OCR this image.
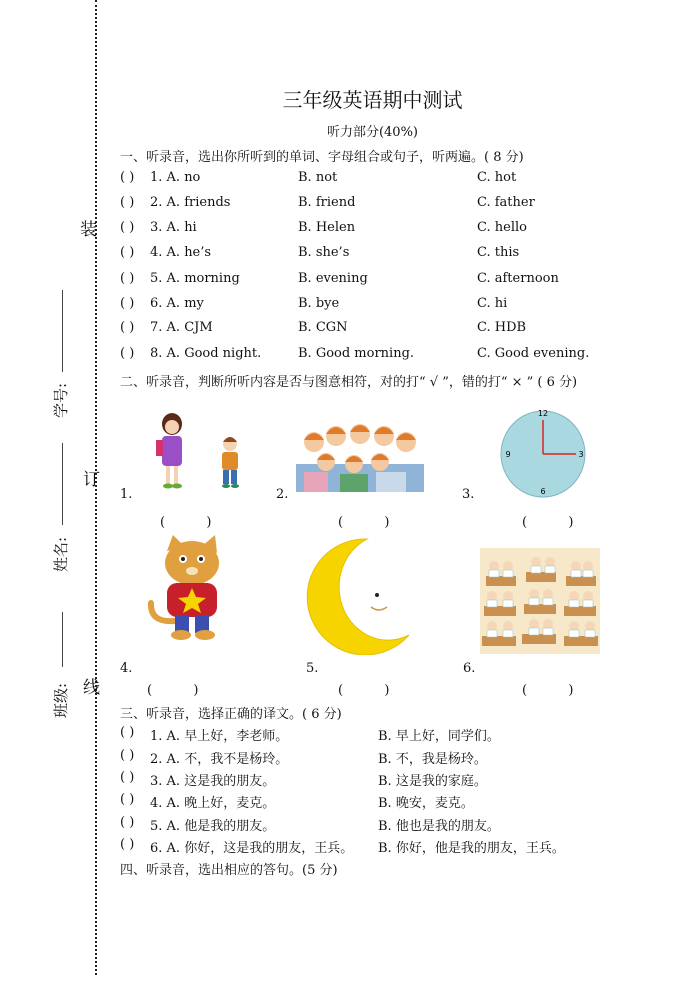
装
订
线
学号:
姓名:
班级:
三年级英语期中测试
听力部分(40%)
一、听录音，选出你所听到的单词、字母组合或句子，听两遍。( 8 分)
( ) 1. A. no	B. not	C. hot
( ) 2. A. friends	B. friend	C. father
( ) 3. A. hi	B. Helen	C. hello
( ) 4. A. he’s	B. she’s	C. this
( ) 5. A. morning	B. evening	C. afternoon
( ) 6. A. my	B. bye	C. hi
( ) 7. A. CJM	B. CGN	C. HDB
( ) 8. A. Good night.	B. Good morning.	C. Good evening.
二、听录音，判断所听内容是否与图意相符，对的打“ √ ”，错的打“ × ” ( 6 分)
12
3
6
9
1.	2.	3.
(          )	(          )	(          )
4.	5.	6.
(          )	(          )	(          )
三、听录音，选择正确的译文。( 6 分)
( ) 1. A. 早上好，李老师。	B. 早上好，同学们。
( ) 2. A. 不，我不是杨玲。	B. 不，我是杨玲。
( ) 3. A. 这是我的朋友。	B. 这是我的家庭。
( ) 4. A. 晚上好，麦克。	B. 晚安，麦克。
( ) 5. A. 他是我的朋友。	B. 他也是我的朋友。
( ) 6. A. 你好，这是我的朋友，王兵。 B. 你好，他是我的朋友，王兵。
四、听录音，选出相应的答句。(5 分)
